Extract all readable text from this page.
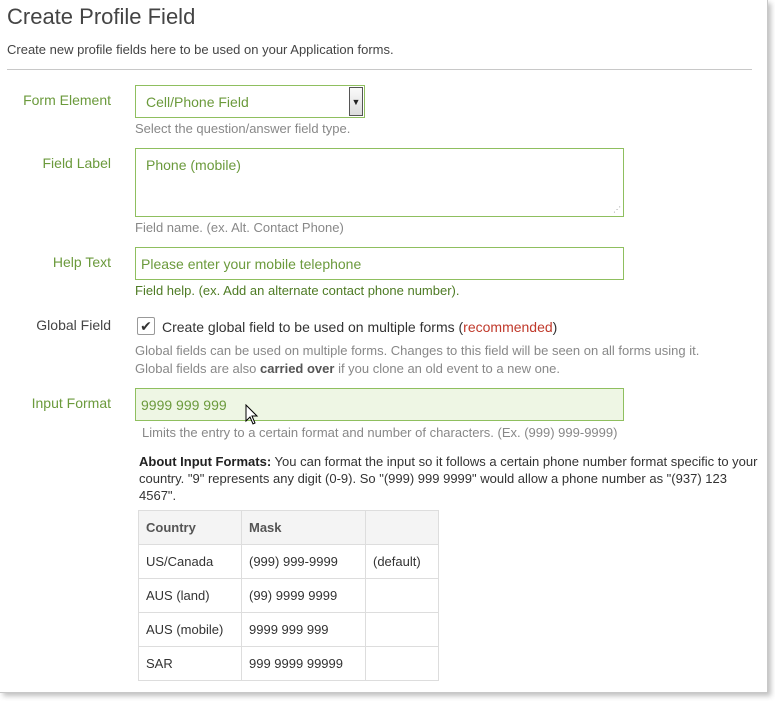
Create Profile Field
Create new profile fields here to be used on your Application forms.
Form Element	Cell/Phone Field	▼
Select the question/answer field type.
Field Label	Phone (mobile)
⋰
Field name. (ex. Alt. Contact Phone)
Help Text	Please enter your mobile telephone
Field help. (ex. Add an alternate contact phone number).
Global Field ✔ Create global field to be used on multiple forms (recommended)
Global fields can be used on multiple forms. Changes to this field will be seen on all forms using it.
Global fields are also carried over if you clone an old event to a new one.
Input Format	9999 999 999
Limits the entry to a certain format and number of characters. (Ex. (999) 999-9999)
About Input Formats: You can format the input so it follows a certain phone number format specific to your country. "9" represents any digit (0-9). So "(999) 999 9999" would allow a phone number as "(937) 123 4567".
Country	Mask	
US/Canada	(999) 999-9999	(default)
AUS (land)	(99) 9999 9999	
AUS (mobile)	9999 999 999	
SAR	999 9999 99999	
